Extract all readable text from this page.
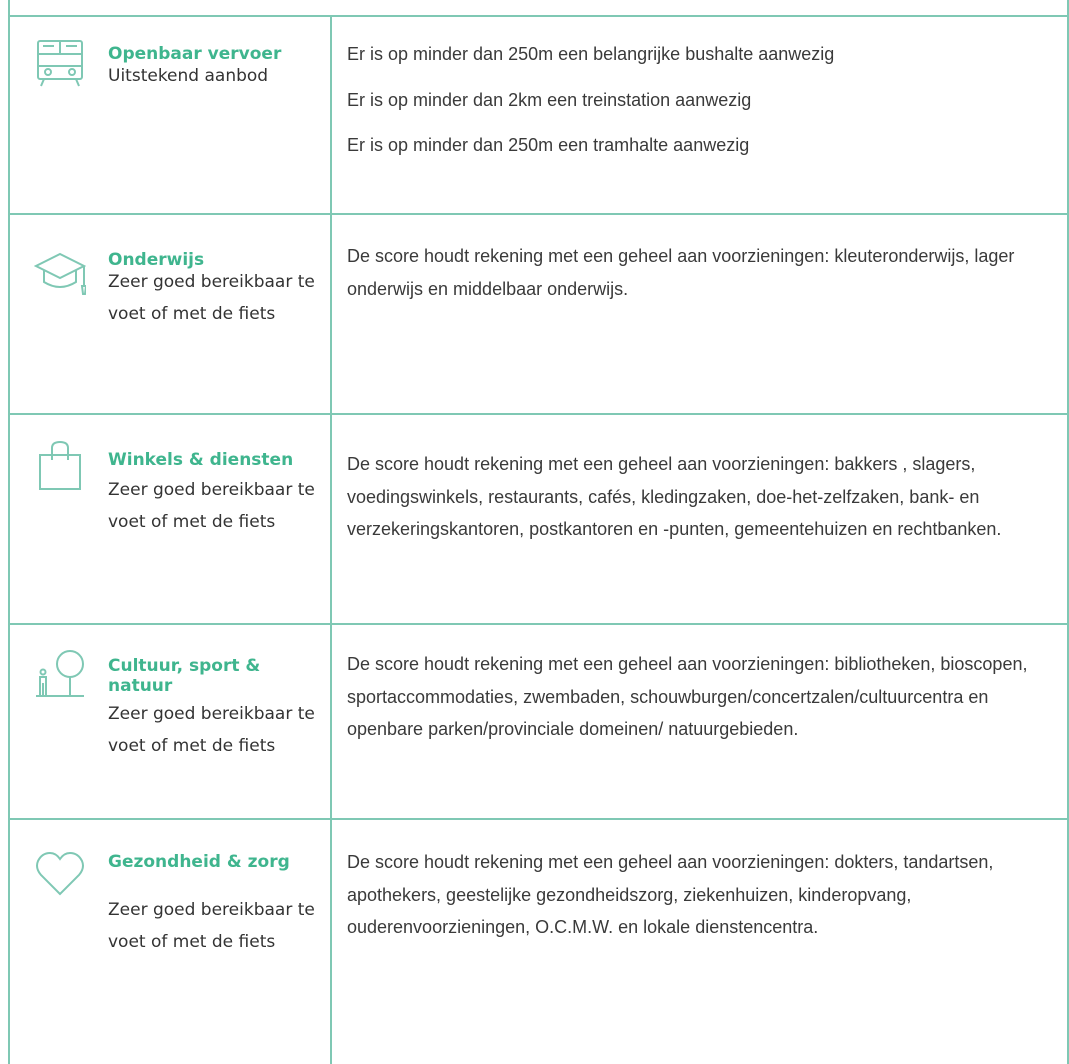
Openbaar vervoer
Uitstekend aanbod

Er is op minder dan 250m een belangrijke bushalte aanwezig

Er is op minder dan 2km een treinstation aanwezig

Er is op minder dan 250m een tramhalte aanwezig

Onderwijs
Zeer goed bereikbaar te voet of met de fiets
De score houdt rekening met een geheel aan voorzieningen: kleuteronderwijs, lager onderwijs en middelbaar onderwijs.
Winkels & diensten
Zeer goed bereikbaar te voet of met de fiets
De score houdt rekening met een geheel aan voorzieningen: bakkers , slagers, voedingswinkels, restaurants, cafés, kledingzaken, doe-het-zelfzaken, bank- en verzekeringskantoren, postkantoren en -punten, gemeentehuizen en rechtbanken.
Cultuur, sport & natuur
Zeer goed bereikbaar te voet of met de fiets
De score houdt rekening met een geheel aan voorzieningen: bibliotheken, bioscopen, sportaccommodaties, zwembaden, schouwburgen/concertzalen/cultuurcentra en openbare parken/provinciale domeinen/ natuurgebieden.
Gezondheid & zorg
Zeer goed bereikbaar te voet of met de fiets
De score houdt rekening met een geheel aan voorzieningen: dokters, tandartsen, apothekers, geestelijke gezondheidszorg, ziekenhuizen, kinderopvang, ouderenvoorzieningen, O.C.M.W. en lokale dienstencentra.
